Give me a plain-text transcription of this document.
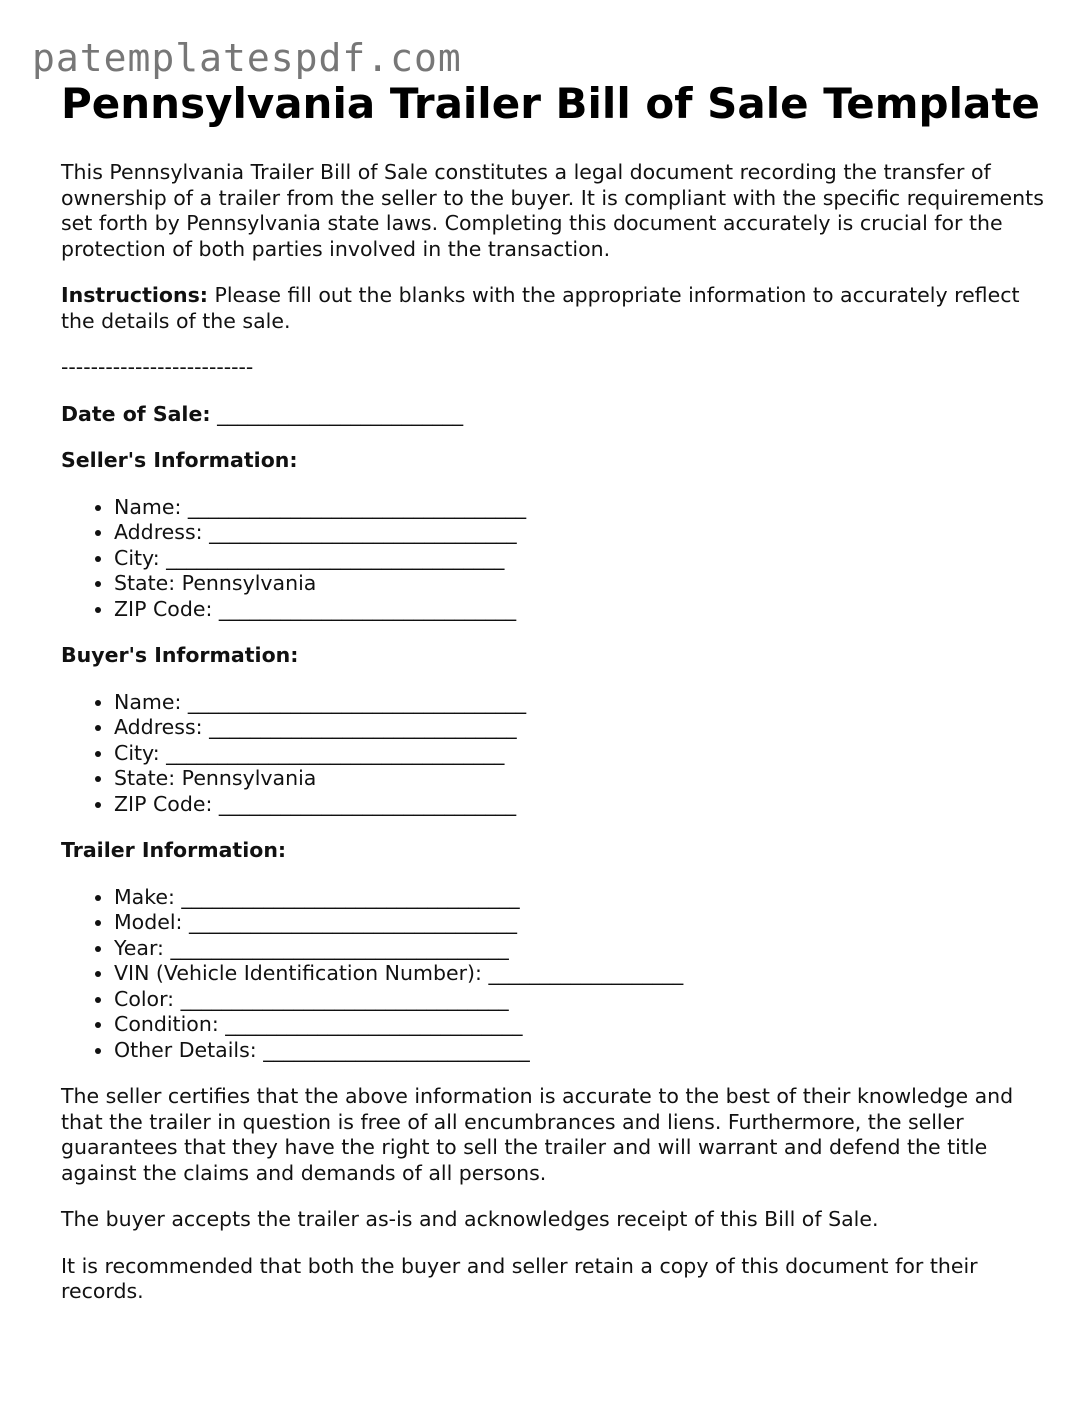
patemplatespdf.com
Pennsylvania Trailer Bill of Sale Template

This Pennsylvania Trailer Bill of Sale constitutes a legal document recording the transfer of ownership of a trailer from the seller to the buyer. It is compliant with the specific requirements set forth by Pennsylvania state laws. Completing this document accurately is crucial for the protection of both parties involved in the transaction.

Instructions: Please fill out the blanks with the appropriate information to accurately reflect the details of the sale.

--------------------------

Date of Sale: ________________________

Seller's Information:

• Name: _________________________________
• Address: ______________________________
• City: _________________________________
• State: Pennsylvania
• ZIP Code: _____________________________

Buyer's Information:

• Name: _________________________________
• Address: ______________________________
• City: _________________________________
• State: Pennsylvania
• ZIP Code: _____________________________

Trailer Information:

• Make: _________________________________
• Model: ________________________________
• Year: _________________________________
• VIN (Vehicle Identification Number): ___________________
• Color: ________________________________
• Condition: _____________________________
• Other Details: __________________________

The seller certifies that the above information is accurate to the best of their knowledge and that the trailer in question is free of all encumbrances and liens. Furthermore, the seller guarantees that they have the right to sell the trailer and will warrant and defend the title against the claims and demands of all persons.

The buyer accepts the trailer as-is and acknowledges receipt of this Bill of Sale.

It is recommended that both the buyer and seller retain a copy of this document for their records.
